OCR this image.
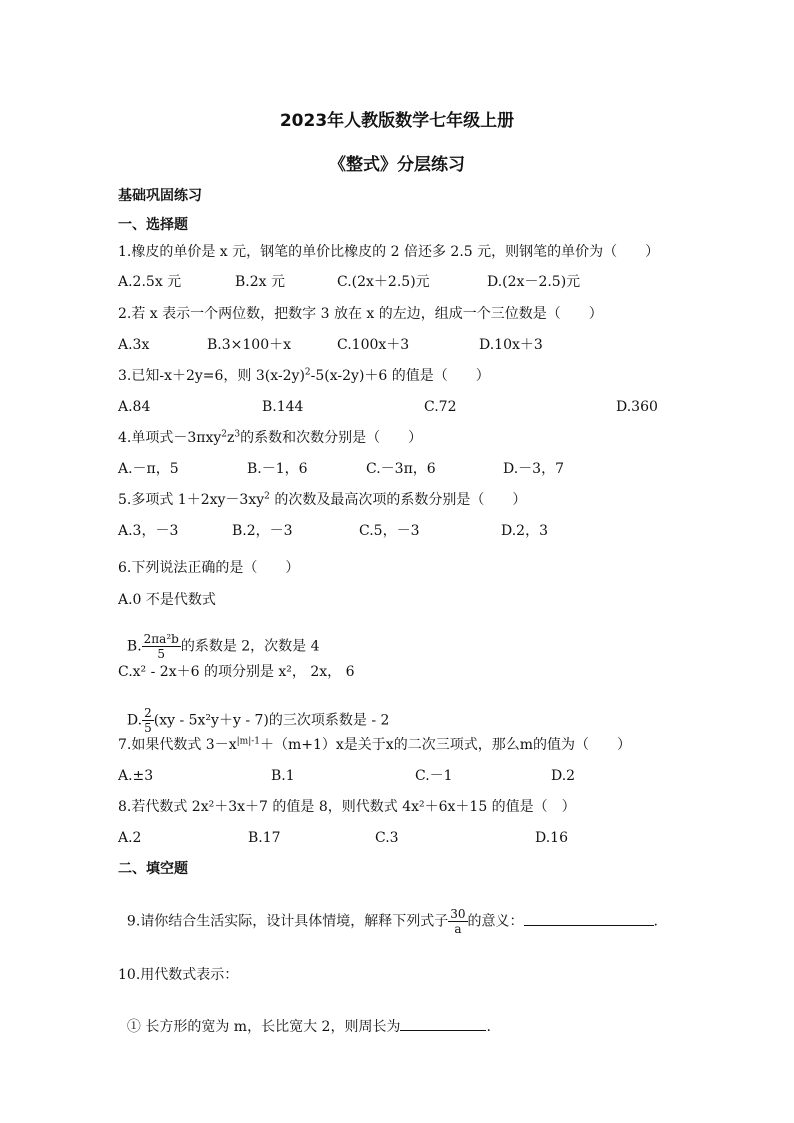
2023年人教版数学七年级上册
《整式》分层练习
基础巩固练习
一、选择题
1.橡皮的单价是 x 元，钢笔的单价比橡皮的 2 倍还多 2.5 元，则钢笔的单价为（　　）
A.2.5x 元	B.2x 元	C.(2x＋2.5)元	D.(2x－2.5)元
2.若 x 表示一个两位数，把数字 3 放在 x 的左边，组成一个三位数是（　　）
A.3x	B.3×100＋x	C.100x＋3	D.10x＋3
3.已知-x＋2y=6，则 $3(x-2y)^2-5(x-2y)+6$ 的值是（　　）
A.84	B.144	C.72	D.360
4.单项式$-3\pi xy^2z^3$的系数和次数分别是（　　）
A.－π，5	B.－1，6	C.－3π，6	D.－3，7
5.多项式 $1+2xy-3xy^2$ 的次数及最高次项的系数分别是（　　）
A.3，－3	B.2，－3	C.5，－3	D.2，3
6.下列说法正确的是（　　）
A.0 不是代数式

B. $\frac{\text{2πa²b}}{5}$ 的系数是 2，次数是 4

C.x² - 2x＋6 的项分别是 x²， 2x， 6

D. $\frac{2}{5} (xy - 5x^2y+y - 7)$的三次项系数是 - 2

7.如果代数式 $3-x^{|m|-1}+(m+1)x$是关于x的二次三项式，那么m的值为（　　）
A.±3	B.1	C.－1	D.2
8.若代数式 2x²＋3x＋7 的值是 8，则代数式 4x²＋6x＋15 的值是（　）
A.2	B.17	C.3	D.16
二、填空题

9.请你结合生活实际，设计具体情境，解释下列式子 $\frac{30}{a}$ 的意义：	.

10.用代数式表示：

① 长方形的宽为 m，长比宽大 2，则周长为	.
